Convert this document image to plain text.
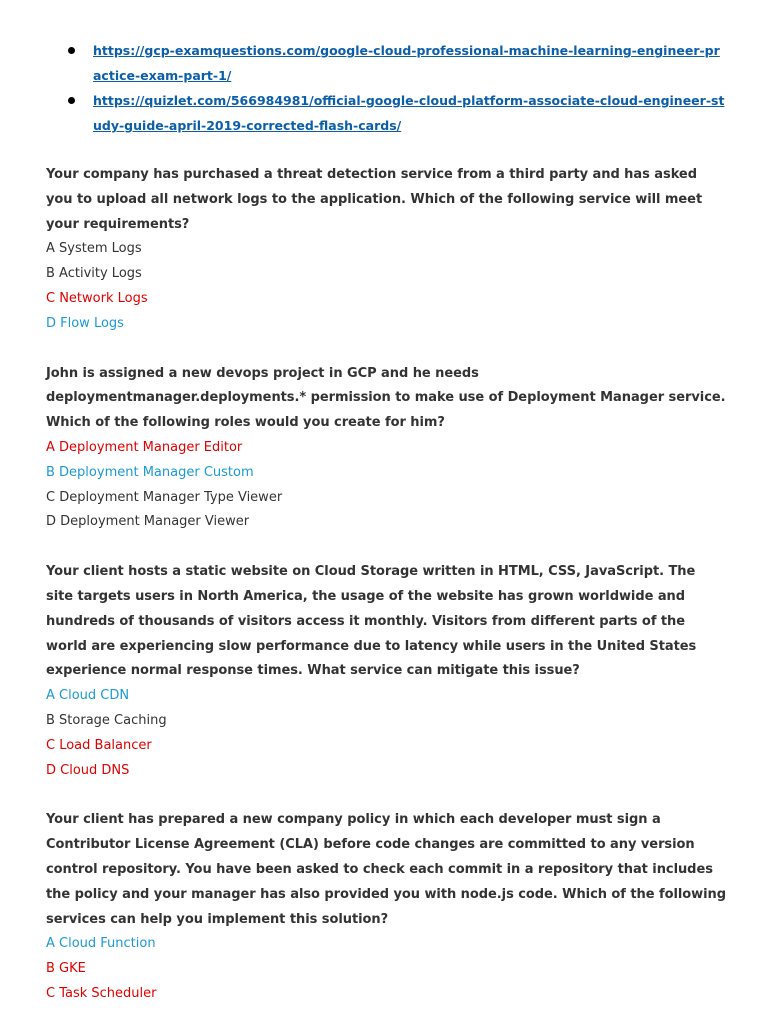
https://gcp-examquestions.com/google-cloud-professional-machine-learning-engineer-practice-exam-part-1/
https://quizlet.com/566984981/official-google-cloud-platform-associate-cloud-engineer-study-guide-april-2019-corrected-flash-cards/

Your company has purchased a threat detection service from a third party and has asked you to upload all network logs to the application. Which of the following service will meet your requirements?

A System Logs

B Activity Logs

C Network Logs

D Flow Logs

John is assigned a new devops project in GCP and he needs deploymentmanager.deployments.* permission to make use of Deployment Manager service. Which of the following roles would you create for him?

A Deployment Manager Editor

B Deployment Manager Custom

C Deployment Manager Type Viewer

D Deployment Manager Viewer

Your client hosts a static website on Cloud Storage written in HTML, CSS, JavaScript. The site targets users in North America, the usage of the website has grown worldwide and hundreds of thousands of visitors access it monthly. Visitors from different parts of the world are experiencing slow performance due to latency while users in the United States experience normal response times. What service can mitigate this issue?

A Cloud CDN

B Storage Caching

C Load Balancer

D Cloud DNS

Your client has prepared a new company policy in which each developer must sign a Contributor License Agreement (CLA) before code changes are committed to any version control repository. You have been asked to check each commit in a repository that includes the policy and your manager has also provided you with node.js code. Which of the following services can help you implement this solution?

A Cloud Function

B GKE

C Task Scheduler
